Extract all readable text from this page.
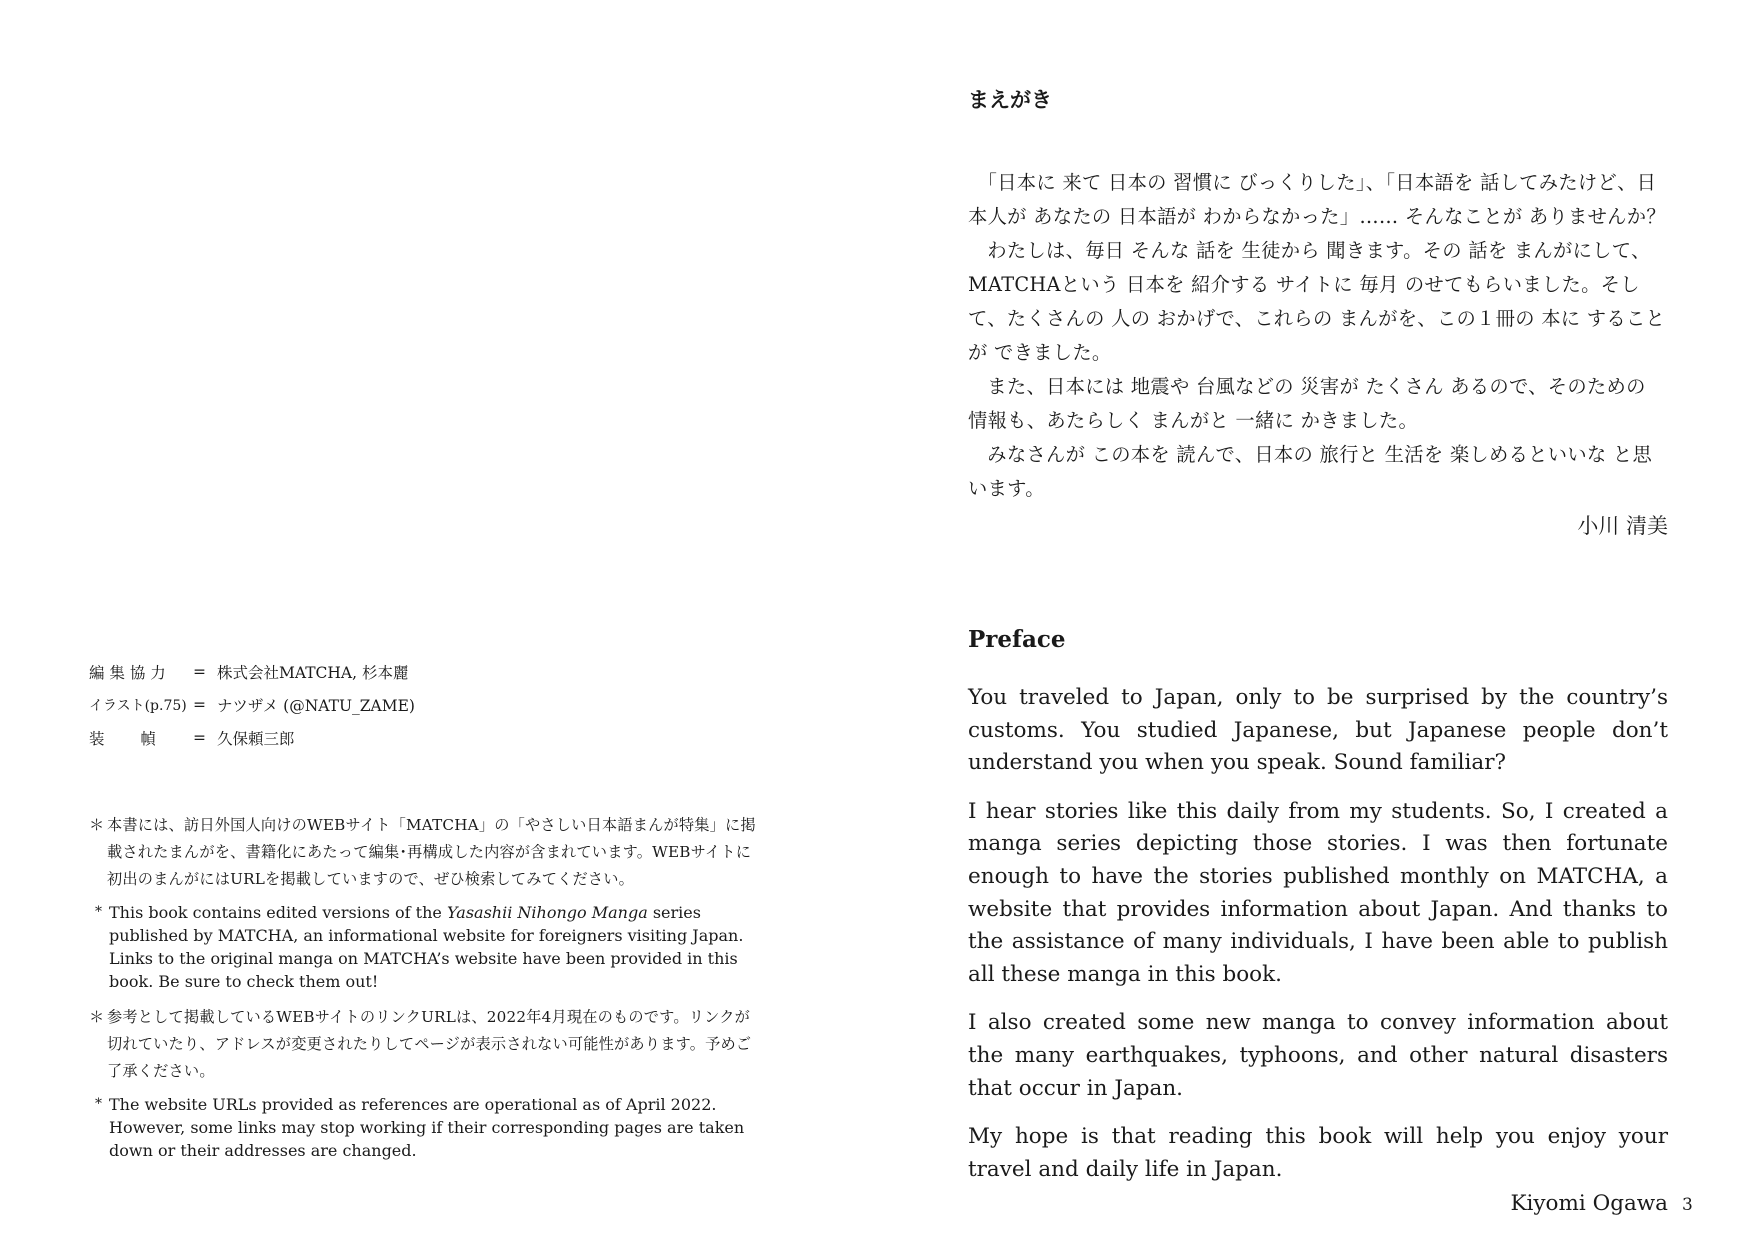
編 集 協 力	= 株式会社MATCHA, 杉本麗
イラスト(p.75) = ナツザメ (@NATU_ZAME)
装　　 幀	= 久保頼三郎
＊ 本書には、訪日外国人向けのWEBサイト「MATCHA」の「やさしい日本語まんが特集」に掲載されたまんがを、書籍化にあたって編集･再構成した内容が含まれています。WEBサイトに初出のまんがにはURLを掲載していますので、ぜひ検索してみてください。
* This book contains edited versions of the Yasashii Nihongo Manga series published by MATCHA, an informational website for foreigners visiting Japan. Links to the original manga on MATCHA’s website have been provided in this book. Be sure to check them out!
＊ 参考として掲載しているWEBサイトのリンクURLは、2022年4月現在のものです。リンクが切れていたり、アドレスが変更されたりしてページが表示されない可能性があります。予めご了承ください。
* The website URLs provided as references are operational as of April 2022. However, some links may stop working if their corresponding pages are taken down or their addresses are changed.
まえがき

「日本に 来て 日本の 習慣に びっくりした」、「日本語を 話してみたけど、日本人が あなたの 日本語が わからなかった」…… そんなことが ありませんか？

わたしは、毎日 そんな 話を 生徒から 聞きます。その 話を まんがにして、MATCHAという 日本を 紹介する サイトに 毎月 のせてもらいました。そして、たくさんの 人の おかげで、これらの まんがを、この１冊の 本に することが できました。

また、日本には 地震や 台風などの 災害が たくさん あるので、そのための 情報も、あたらしく まんがと 一緒に かきました。

みなさんが この本を 読んで、日本の 旅行と 生活を 楽しめるといいな と思います。

小川 清美
Preface

You traveled to Japan, only to be surprised by the country’s customs. You studied Japanese, but Japanese people don’t understand you when you speak. Sound familiar?

I hear stories like this daily from my students. So, I created a manga series depicting those stories. I was then fortunate enough to have the stories published monthly on MATCHA, a website that provides information about Japan. And thanks to the assistance of many individuals, I have been able to publish all these manga in this book.

I also created some new manga to convey information about the many earthquakes, typhoons, and other natural disasters that occur in Japan.

My hope is that reading this book will help you enjoy your travel and daily life in Japan.

Kiyomi Ogawa 3
